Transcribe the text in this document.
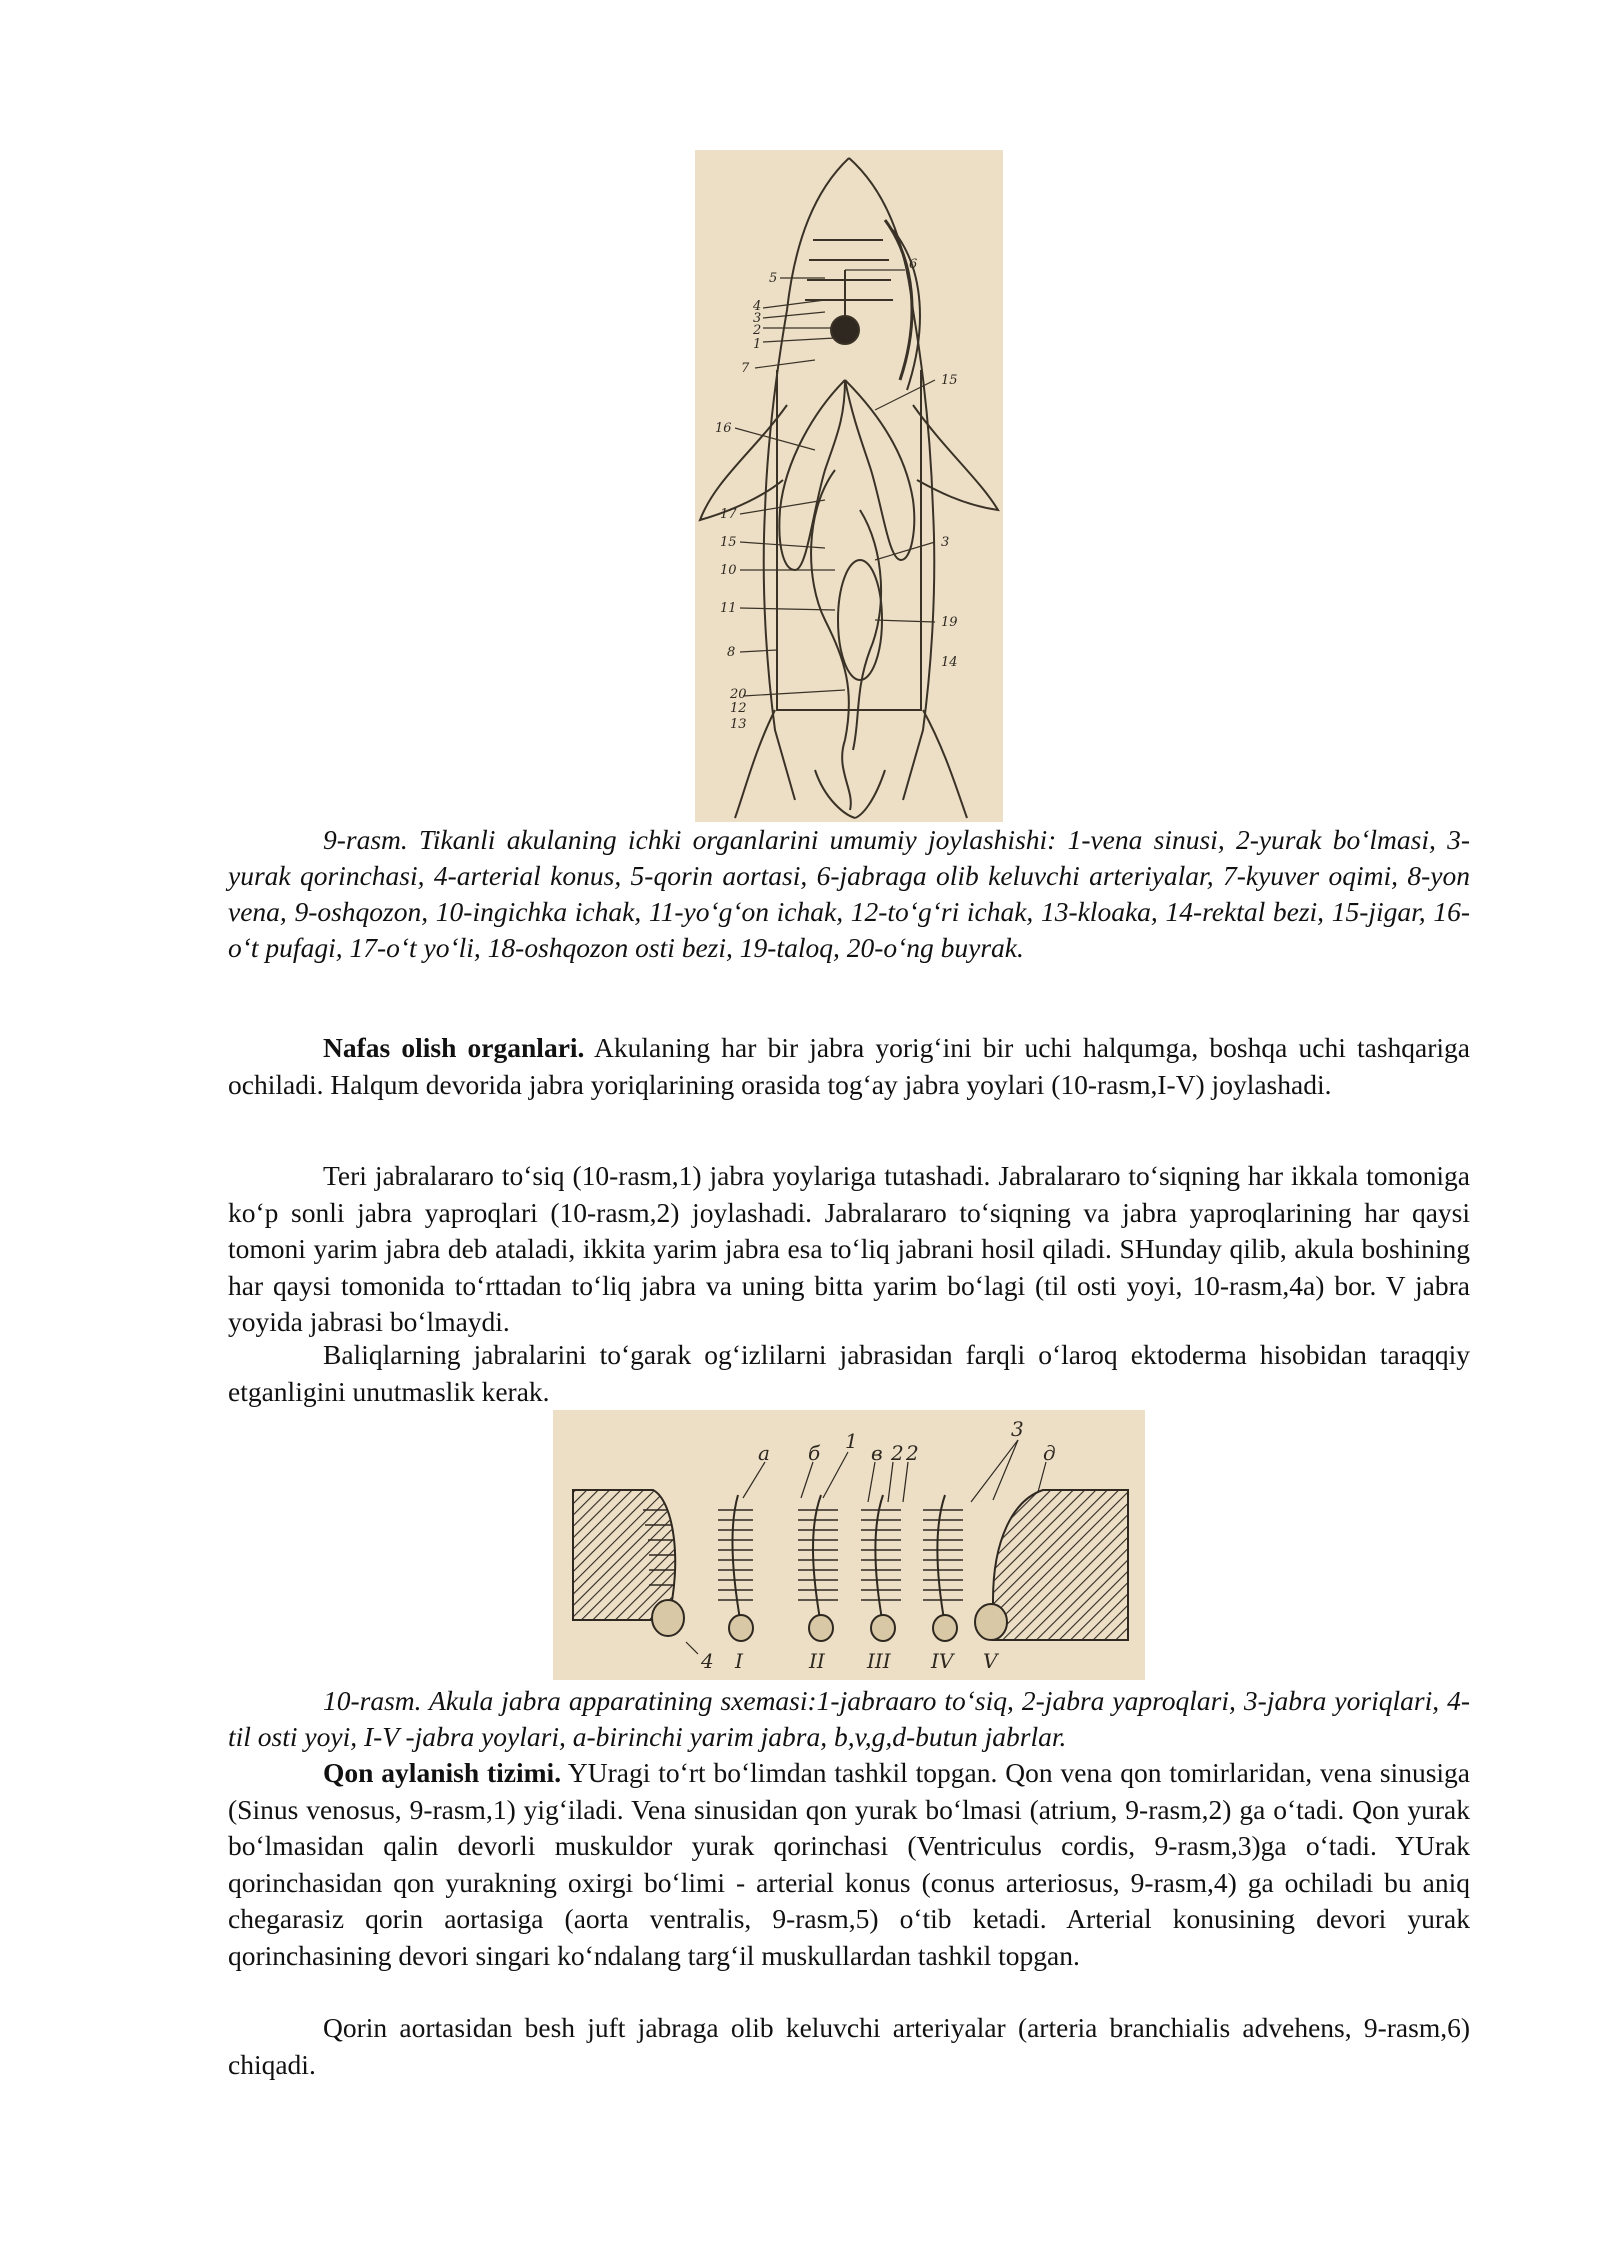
5
4
3
2
1
7
16
17
15
10
11
8
20
12
13
6
15
3
19
14
9-rasm. Tikanli akulaning ichki organlarini umumiy joylashishi: 1-vena sinusi, 2-yurak bo‘lmasi, 3-yurak qorinchasi, 4-arterial konus, 5-qorin aortasi, 6-jabraga olib keluvchi arteriyalar, 7-kyuver oqimi, 8-yon vena, 9-oshqozon, 10-ingichka ichak, 11-yo‘g‘on ichak, 12-to‘g‘ri ichak, 13-kloaka, 14-rektal bezi, 15-jigar, 16-o‘t pufagi, 17-o‘t yo‘li, 18-oshqozon osti bezi, 19-taloq, 20-o‘ng buyrak.

Nafas olish organlari. Akulaning har bir jabra yorig‘ini bir uchi halqumga, boshqa uchi tashqariga ochiladi. Halqum devorida jabra yoriqlarining orasida tog‘ay jabra yoylari (10-rasm,I-V) joylashadi.

Teri jabralararo to‘siq (10-rasm,1) jabra yoylariga tutashadi. Jabralararo to‘siqning har ikkala tomoniga ko‘p sonli jabra yaproqlari (10-rasm,2) joylashadi. Jabralararo to‘siqning va jabra yaproqlarining har qaysi tomoni yarim jabra deb ataladi, ikkita yarim jabra esa to‘liq jabrani hosil qiladi. SHunday qilib, akula boshining har qaysi tomonida to‘rttadan to‘liq jabra va uning bitta yarim bo‘lagi (til osti yoyi, 10-rasm,4a) bor. V jabra yoyida jabrasi bo‘lmaydi.

Baliqlarning jabralarini to‘garak og‘izlilarni jabrasidan farqli o‘laroq ektoderma hisobidan taraqqiy etganligini unutmaslik kerak.

a б 1 в 2 2
3
д
4 I	II III IV V
10-rasm. Akula jabra apparatining sxemasi:1-jabraaro to‘siq, 2-jabra yaproqlari, 3-jabra yoriqlari, 4-til osti yoyi, I-V -jabra yoylari, a-birinchi yarim jabra, b,v,g,d-butun jabrlar.

Qon aylanish tizimi. YUragi to‘rt bo‘limdan tashkil topgan. Qon vena qon tomirlaridan, vena sinusiga (Sinus venosus, 9-rasm,1) yig‘iladi. Vena sinusidan qon yurak bo‘lmasi (atrium, 9-rasm,2) ga o‘tadi. Qon yurak bo‘lmasidan qalin devorli muskuldor yurak qorinchasi (Ventriculus cordis, 9-rasm,3)ga o‘tadi. YUrak qorinchasidan qon yurakning oxirgi bo‘limi - arterial konus (conus arteriosus, 9-rasm,4) ga ochiladi bu aniq chegarasiz qorin aortasiga (aorta ventralis, 9-rasm,5) o‘tib ketadi. Arterial konusining devori yurak qorinchasining devori singari ko‘ndalang targ‘il muskullardan tashkil topgan.

Qorin aortasidan besh juft jabraga olib keluvchi arteriyalar (arteria branchialis advehens, 9-rasm,6) chiqadi.
